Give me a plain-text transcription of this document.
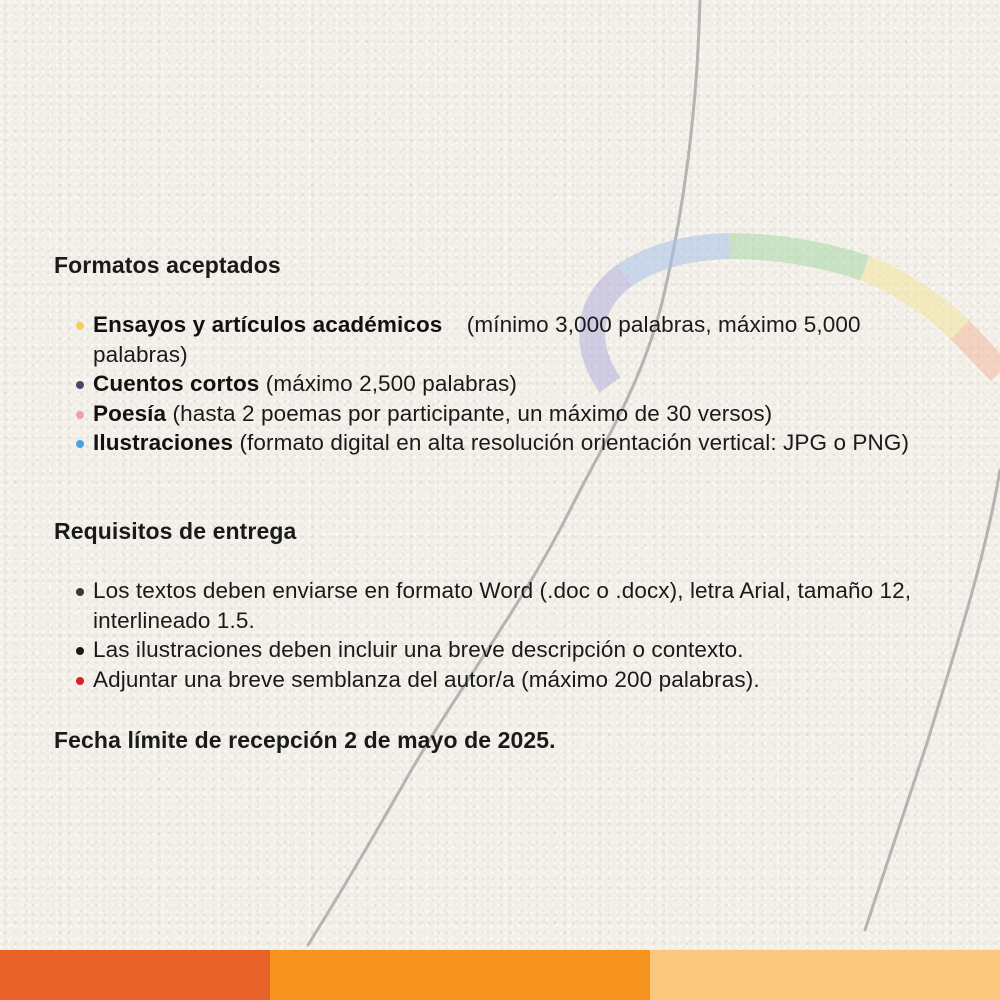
Formatos aceptados
Ensayos y artículos académicos (mínimo 3,000 palabras, máximo 5,000 palabras)
Cuentos cortos (máximo 2,500 palabras)
Poesía (hasta 2 poemas por participante, un máximo de 30 versos)
Ilustraciones (formato digital en alta resolución orientación vertical: JPG o PNG)
Requisitos de entrega
Los textos deben enviarse en formato Word (.doc o .docx), letra Arial, tamaño 12, interlineado 1.5.
Las ilustraciones deben incluir una breve descripción o contexto.
Adjuntar una breve semblanza del autor/a (máximo 200 palabras).
Fecha límite de recepción 2 de mayo de 2025.
